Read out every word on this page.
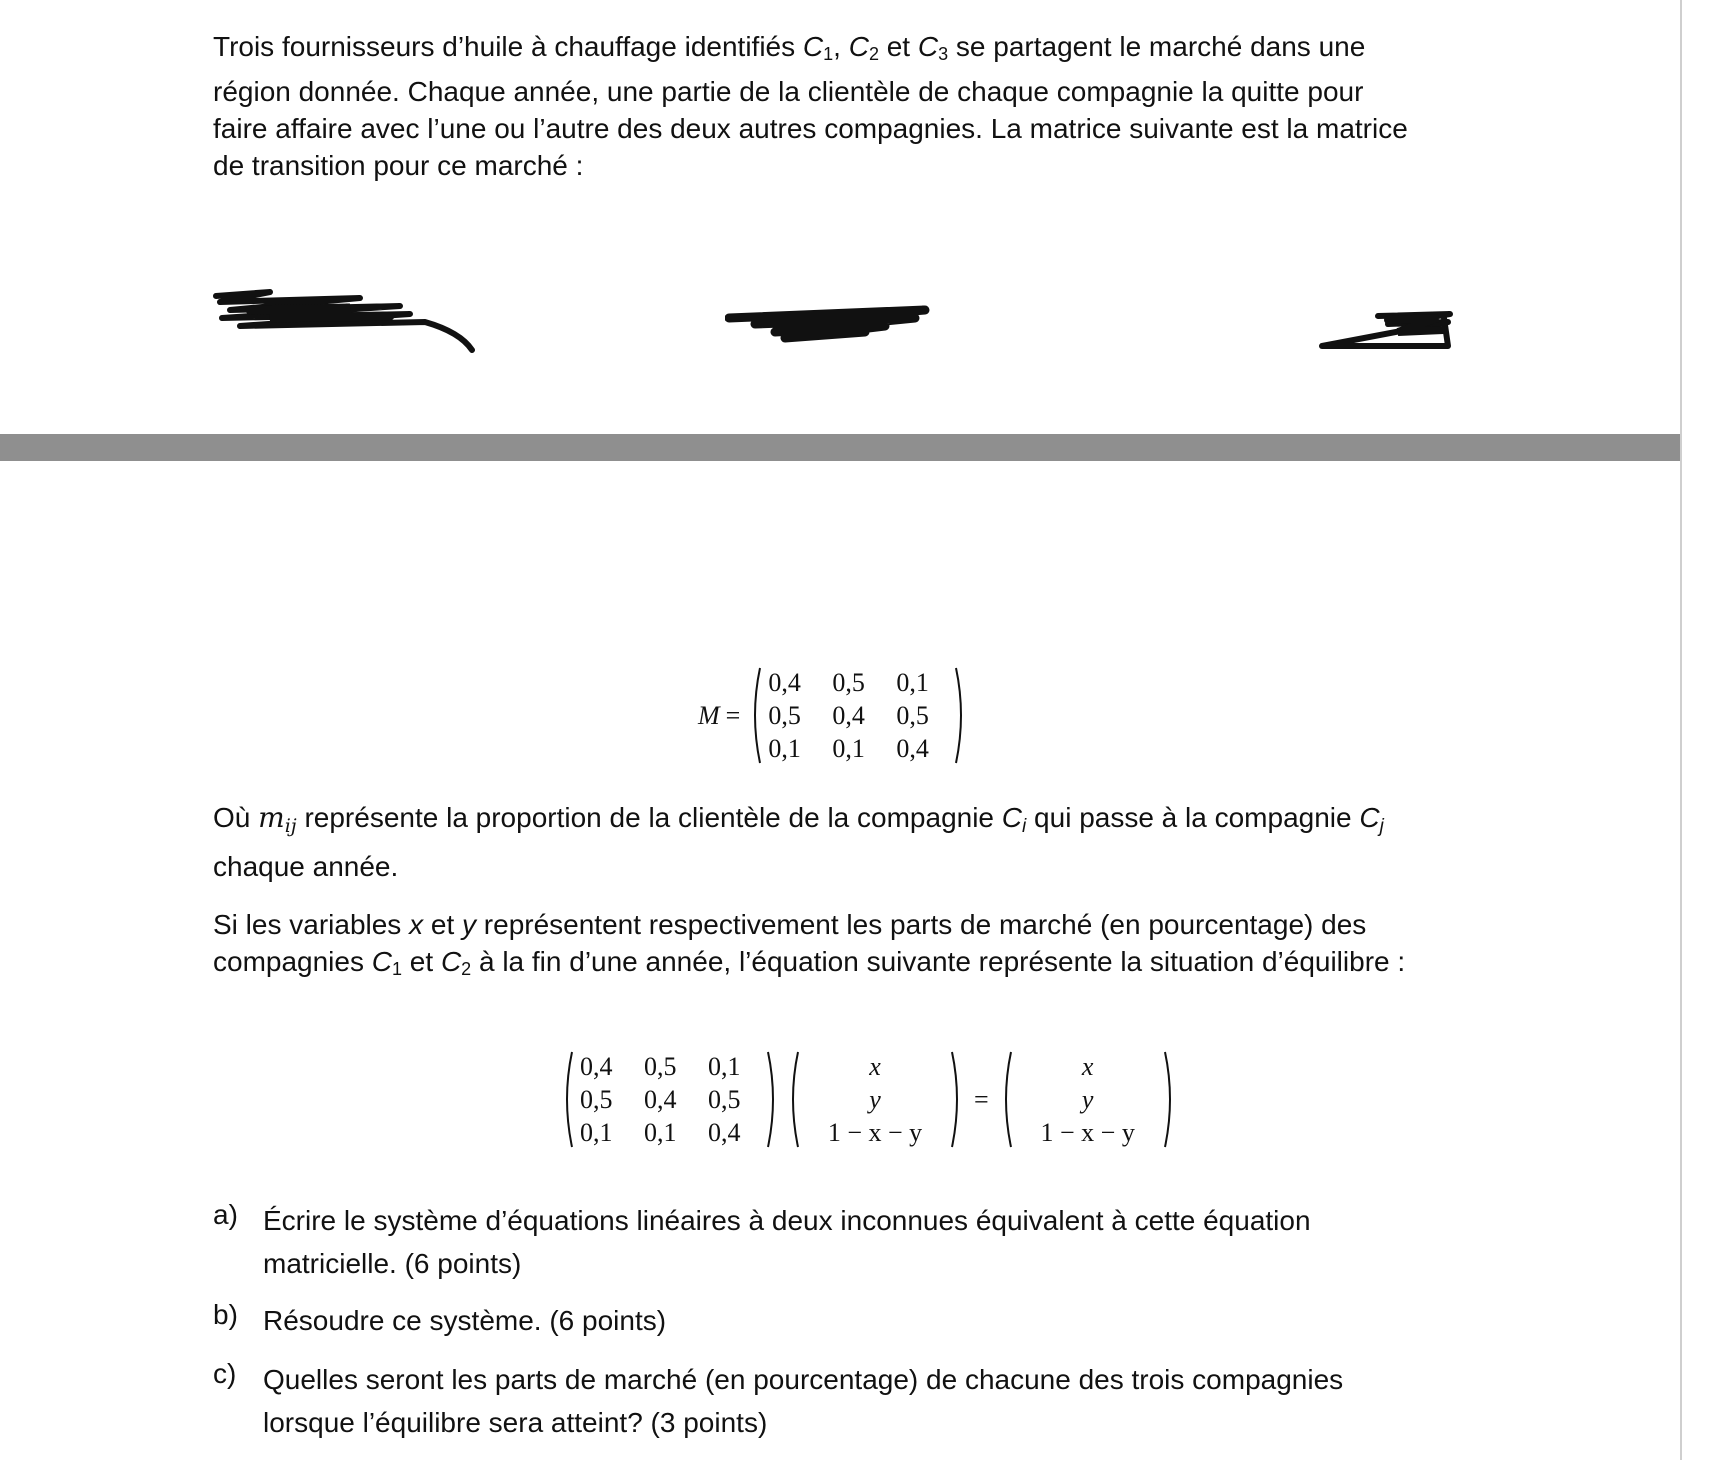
Trois fournisseurs d’huile à chauffage identifiés $C_1$, $C_2$ et $C_3$ se partagent le marché dans une région donnée. Chaque année, une partie de la clientèle de chaque compagnie la quitte pour faire affaire avec l’une ou l’autre des deux autres compagnies. La matrice suivante est la matrice de transition pour ce marché :

M =
0,4	0,5	0,1
0,5	0,4	0,5
0,1	0,1	0,4

Où mij représente la proportion de la clientèle de la compagnie Ci qui passe à la compagnie Cj chaque année.

Si les variables x et y représentent respectivement les parts de marché (en pourcentage) des compagnies $C_1$ et $C_2$ à la fin d’une année, l’équation suivante représente la situation d’équilibre :

0,4	0,5	0,1
0,5	0,4	0,5
0,1	0,1	0,4
x
y
1 − x − y
=
x
y
1 − x − y
a) Écrire le système d’équations linéaires à deux inconnues équivalent à cette équation matricielle. (6 points)
b) Résoudre ce système. (6 points)
c) Quelles seront les parts de marché (en pourcentage) de chacune des trois compagnies lorsque l’équilibre sera atteint? (3 points)
